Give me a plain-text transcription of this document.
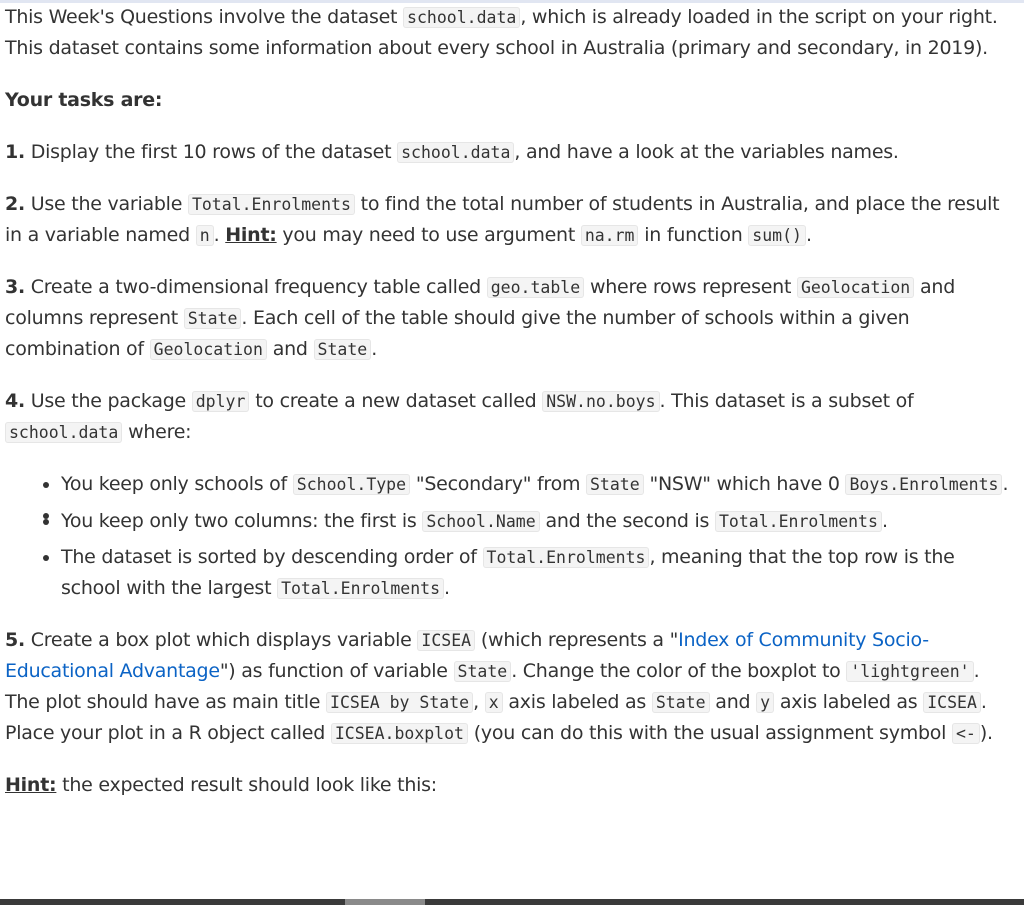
This Week's Questions involve the dataset school.data , which is already loaded in the script on your right. This dataset contains some information about every school in Australia (primary and secondary, in 2019).

Your tasks are:

1. Display the first 10 rows of the dataset school.data , and have a look at the variables names.

2. Use the variable Total.Enrolments to find the total number of students in Australia, and place the result in a variable named n . Hint: you may need to use argument na.rm in function sum() .

3. Create a two-dimensional frequency table called geo.table where rows represent Geolocation and columns represent State . Each cell of the table should give the number of schools within a given combination of Geolocation and State .

4. Use the package dplyr to create a new dataset called NSW.no.boys . This dataset is a subset of school.data where:

• You keep only schools of School.Type "Secondary" from State "NSW" which have 0 Boys.Enrolments .
•
• You keep only two columns: the first is School.Name and the second is Total.Enrolments .
• The dataset is sorted by descending order of Total.Enrolments , meaning that the top row is the school with the largest Total.Enrolments .

5. Create a box plot which displays variable ICSEA (which represents a "Index of Community Socio-Educational Advantage") as function of variable State . Change the color of the boxplot to 'lightgreen' . The plot should have as main title ICSEA by State , x axis labeled as State and y axis labeled as ICSEA . Place your plot in a R object called ICSEA.boxplot (you can do this with the usual assignment symbol <- ).

Hint: the expected result should look like this:
